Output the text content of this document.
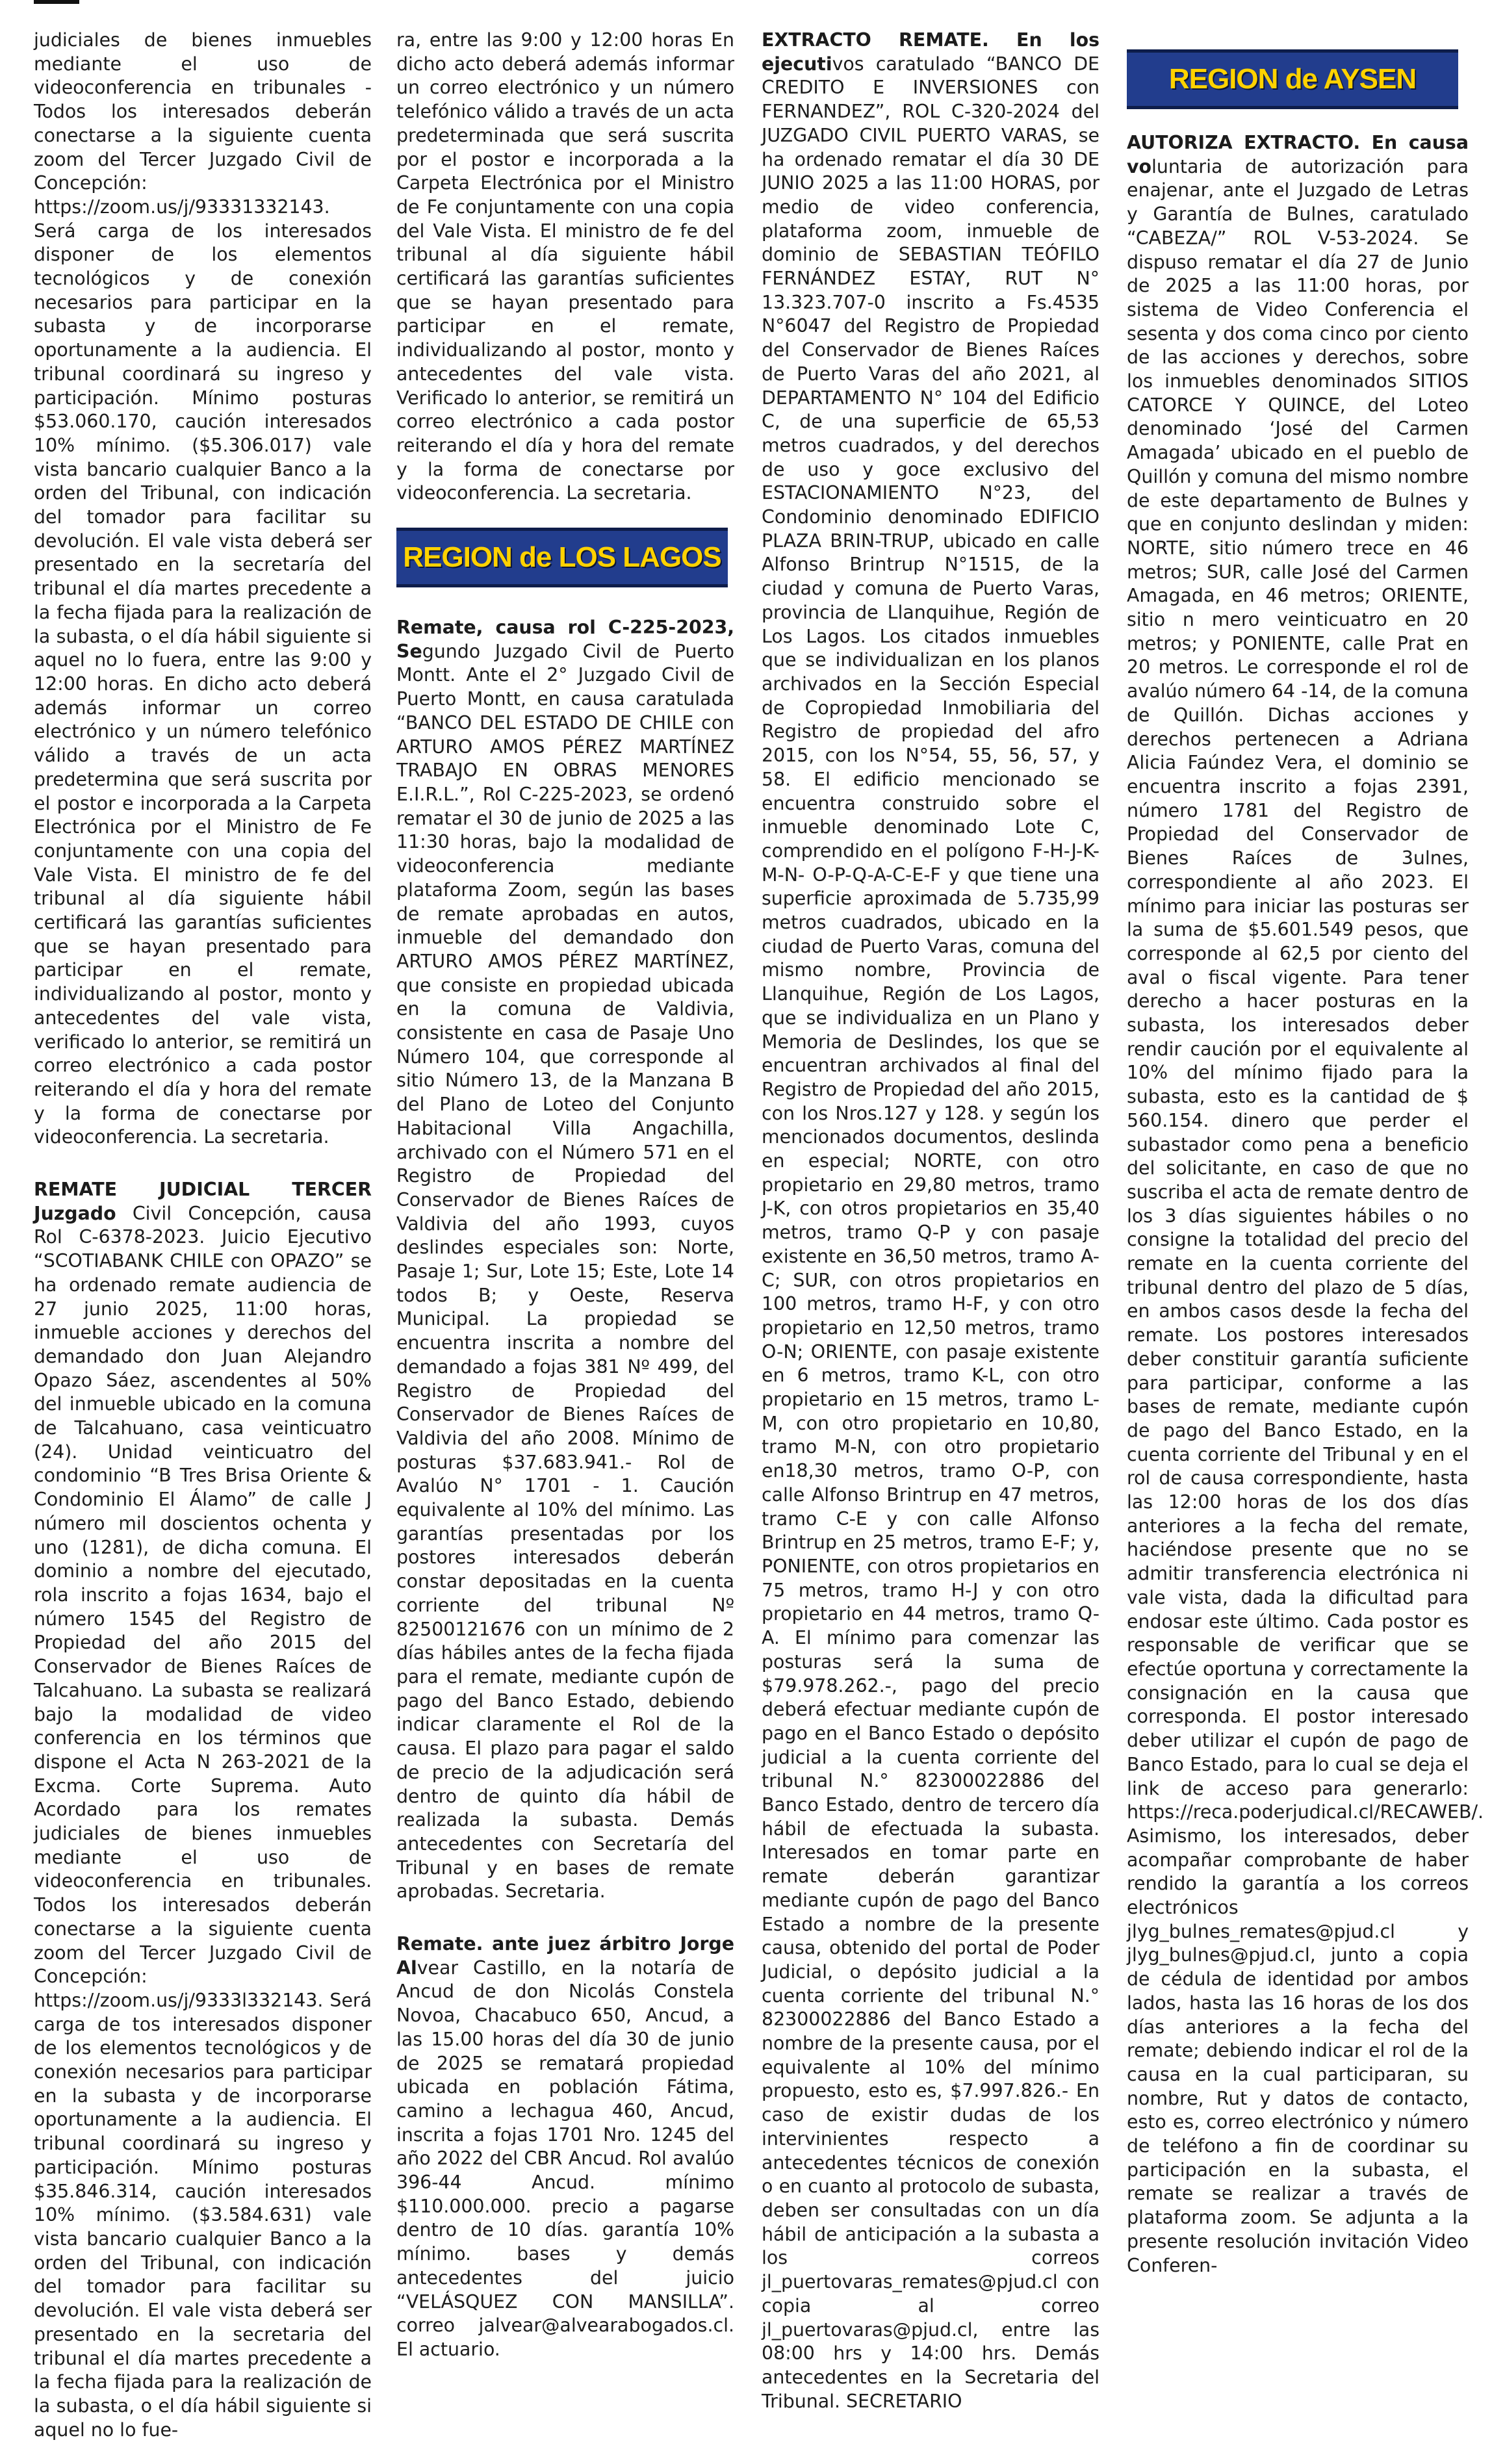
judiciales de bienes inmuebles mediante el uso de videoconferencia en tribunales - Todos los interesados deberán conectarse a la siguiente cuenta zoom del Tercer Juzgado Civil de Concepción: https://zoom.us/j/93331332143. Será carga de los interesados disponer de los elementos tecnológicos y de conexión necesarios para participar en la subasta y de incorporarse oportunamente a la audiencia. El tribunal coordinará su ingreso y participación. Mínimo posturas $53.060.170, caución interesados 10% mínimo. ($5.306.017) vale vista bancario cualquier Banco a la orden del Tribunal, con indicación del tomador para facilitar su devolución. El vale vista deberá ser presentado en la secretaría del tribunal el día martes precedente a la fecha fijada para la realización de la subasta, o el día hábil siguiente si aquel no lo fuera, entre las 9:00 y 12:00 horas. En dicho acto deberá además informar un correo electrónico y un número telefónico válido a través de un acta predetermina que será suscrita por el postor e incorporada a la Carpeta Electrónica por el Ministro de Fe conjuntamente con una copia del Vale Vista. El ministro de fe del tribunal al día siguiente hábil certificará las garantías suficientes que se hayan presentado para participar en el remate, individualizando al postor, monto y antecedentes del vale vista, verificado lo anterior, se remitirá un correo electrónico a cada postor reiterando el día y hora del remate y la forma de conectarse por videoconferencia. La secretaria.

REMATE JUDICIAL TERCER Juzgado Civil Concepción, causa Rol C-6378-2023. Juicio Ejecutivo “SCOTIABANK CHILE con OPAZO” se ha ordenado remate audiencia de 27 junio 2025, 11:00 horas, inmueble acciones y derechos del demandado don Juan Alejandro Opazo Sáez, ascendentes al 50% del inmueble ubicado en la comuna de Talcahuano, casa veinticuatro (24). Unidad veinticuatro del condominio “B Tres Brisa Oriente & Condominio El Álamo” de calle J número mil doscientos ochenta y uno (1281), de dicha comuna. El dominio a nombre del ejecutado, rola inscrito a fojas 1634, bajo el número 1545 del Registro de Propiedad del año 2015 del Conservador de Bienes Raíces de Talcahuano. La subasta se realizará bajo la modalidad de video conferencia en los términos que dispone el Acta N 263-2021 de la Excma. Corte Suprema. Auto Acordado para los remates judiciales de bienes inmuebles mediante el uso de videoconferencia en tribunales. Todos los interesados deberán conectarse a la siguiente cuenta zoom del Tercer Juzgado Civil de Concepción: https://zoom.us/j/9333l332143. Será carga de tos interesados disponer de los elementos tecnológicos y de conexión necesarios para participar en la subasta y de incorporarse oportunamente a la audiencia. El tribunal coordinará su ingreso y participación. Mínimo posturas $35.846.314, caución interesados 10% mínimo. ($3.584.631) vale vista bancario cualquier Banco a la orden del Tribunal, con indicación del tomador para facilitar su devolución. El vale vista deberá ser presentado en la secretaria del tribunal el día martes precedente a la fecha fijada para la realización de la subasta, o el día hábil siguiente si aquel no lo fue-

ra, entre las 9:00 y 12:00 horas En dicho acto deberá además informar un correo electrónico y un número telefónico válido a través de un acta predeterminada que será suscrita por el postor e incorporada a la Carpeta Electrónica por el Ministro de Fe conjuntamente con una copia del Vale Vista. El ministro de fe del tribunal al día siguiente hábil certificará las garantías suficientes que se hayan presentado para participar en el remate, individualizando al postor, monto y antecedentes del vale vista. Verificado lo anterior, se remitirá un correo electrónico a cada postor reiterando el día y hora del remate y la forma de conectarse por videoconferencia. La secretaria.

REGION de LOS LAGOS

Remate, causa rol C-225-2023, Segundo Juzgado Civil de Puerto Montt. Ante el 2° Juzgado Civil de Puerto Montt, en causa caratulada “BANCO DEL ESTADO DE CHILE con ARTURO AMOS PÉREZ MARTÍNEZ TRABAJO EN OBRAS MENORES E.I.R.L.”, Rol C-225-2023, se ordenó rematar el 30 de junio de 2025 a las 11:30 horas, bajo la modalidad de videoconferencia mediante plataforma Zoom, según las bases de remate aprobadas en autos, inmueble del demandado don ARTURO AMOS PÉREZ MARTÍNEZ, que consiste en propiedad ubicada en la comuna de Valdivia, consistente en casa de Pasaje Uno Número 104, que corresponde al sitio Número 13, de la Manzana B del Plano de Loteo del Conjunto Habitacional Villa Angachilla, archivado con el Número 571 en el Registro de Propiedad del Conservador de Bienes Raíces de Valdivia del año 1993, cuyos deslindes especiales son: Norte, Pasaje 1; Sur, Lote 15; Este, Lote 14 todos B; y Oeste, Reserva Municipal. La propiedad se encuentra inscrita a nombre del demandado a fojas 381 Nº 499, del Registro de Propiedad del Conservador de Bienes Raíces de Valdivia del año 2008. Mínimo de posturas $37.683.941.- Rol de Avalúo N° 1701 - 1. Caución equivalente al 10% del mínimo. Las garantías presentadas por los postores interesados deberán constar depositadas en la cuenta corriente del tribunal Nº 82500121676 con un mínimo de 2 días hábiles antes de la fecha fijada para el remate, mediante cupón de pago del Banco Estado, debiendo indicar claramente el Rol de la causa. El plazo para pagar el saldo de precio de la adjudicación será dentro de quinto día hábil de realizada la subasta. Demás antecedentes con Secretaría del Tribunal y en bases de remate aprobadas. Secretaria.

Remate. ante juez árbitro Jorge Alvear Castillo, en la notaría de Ancud de don Nicolás Constela Novoa, Chacabuco 650, Ancud, a las 15.00 horas del día 30 de junio de 2025 se rematará propiedad ubicada en población Fátima, camino a lechagua 460, Ancud, inscrita a fojas 1701 Nro. 1245 del año 2022 del CBR Ancud. Rol avalúo 396-44 Ancud. mínimo $110.000.000. precio a pagarse dentro de 10 días. garantía 10% mínimo. bases y demás antecedentes del juicio “VELÁSQUEZ CON MANSILLA”. correo jalvear@alvearabogados.cl. El actuario.

EXTRACTO REMATE. En los ejecutivos caratulado “BANCO DE CREDITO E INVERSIONES con FERNANDEZ”, ROL C-320-2024 del JUZGADO CIVIL PUERTO VARAS, se ha ordenado rematar el día 30 DE JUNIO 2025 a las 11:00 HORAS, por medio de video conferencia, plataforma zoom, inmueble de dominio de SEBASTIAN TEÓFILO FERNÁNDEZ ESTAY, RUT N° 13.323.707-0 inscrito a Fs.4535 N°6047 del Registro de Propiedad del Conservador de Bienes Raíces de Puerto Varas del año 2021, al DEPARTAMENTO N° 104 del Edificio C, de una superficie de 65,53 metros cuadrados, y del derechos de uso y goce exclusivo del ESTACIONAMIENTO N°23, del Condominio denominado EDIFICIO PLAZA BRIN-TRUP, ubicado en calle Alfonso Brintrup N°1515, de la ciudad y comuna de Puerto Varas, provincia de Llanquihue, Región de Los Lagos. Los citados inmuebles que se individualizan en los planos archivados en la Sección Especial de Copropiedad Inmobiliaria del Registro de propiedad del afro 2015, con los N°54, 55, 56, 57, y 58. El edificio mencionado se encuentra construido sobre el inmueble denominado Lote C, comprendido en el polígono F-H-J-K-M-N- O-P-Q-A-C-E-F y que tiene una superficie aproximada de 5.735,99 metros cuadrados, ubicado en la ciudad de Puerto Varas, comuna del mismo nombre, Provincia de Llanquihue, Región de Los Lagos, que se individualiza en un Plano y Memoria de Deslindes, los que se encuentran archivados al final del Registro de Propiedad del año 2015, con los Nros.127 y 128. y según los mencionados documentos, deslinda en especial; NORTE, con otro propietario en 29,80 metros, tramo J-K, con otros propietarios en 35,40 metros, tramo Q-P y con pasaje existente en 36,50 metros, tramo A-C; SUR, con otros propietarios en 100 metros, tramo H-F, y con otro propietario en 12,50 metros, tramo O-N; ORIENTE, con pasaje existente en 6 metros, tramo K-L, con otro propietario en 15 metros, tramo L-M, con otro propietario en 10,80, tramo M-N, con otro propietario en18,30 metros, tramo O-P, con calle Alfonso Brintrup en 47 metros, tramo C-E y con calle Alfonso Brintrup en 25 metros, tramo E-F; y, PONIENTE, con otros propietarios en 75 metros, tramo H-J y con otro propietario en 44 metros, tramo Q-A. El mínimo para comenzar las posturas será la suma de $79.978.262.-, pago del precio deberá efectuar mediante cupón de pago en el Banco Estado o depósito judicial a la cuenta corriente del tribunal N.° 82300022886 del Banco Estado, dentro de tercero día hábil de efectuada la subasta. Interesados en tomar parte en remate deberán garantizar mediante cupón de pago del Banco Estado a nombre de la presente causa, obtenido del portal de Poder Judicial, o depósito judicial a la cuenta corriente del tribunal N.° 82300022886 del Banco Estado a nombre de la presente causa, por el equivalente al 10% del mínimo propuesto, esto es, $7.997.826.- En caso de existir dudas de los intervinientes respecto a antecedentes técnicos de conexión o en cuanto al protocolo de subasta, deben ser consultadas con un día hábil de anticipación a la subasta a los correos jl_puertovaras_remates@pjud.cl con copia al correo jl_puertovaras@pjud.cl, entre las 08:00 hrs y 14:00 hrs. Demás antecedentes en la Secretaria del Tribunal. SECRETARIO

REGION de AYSEN

AUTORIZA EXTRACTO. En causa voluntaria de autorización para enajenar, ante el Juzgado de Letras y Garantía de Bulnes, caratulado “CABEZA/” ROL V-53-2024. Se dispuso rematar el día 27 de Junio de 2025 a las 11:00 horas, por sistema de Video Conferencia el sesenta y dos coma cinco por ciento de las acciones y derechos, sobre los inmuebles denominados SITIOS CATORCE Y QUINCE, del Loteo denominado ‘José del Carmen Amagada’ ubicado en el pueblo de Quillón y comuna del mismo nombre de este departamento de Bulnes y que en conjunto deslindan y miden: NORTE, sitio número trece en 46 metros; SUR, calle José del Carmen Amagada, en 46 metros; ORIENTE, sitio n mero veinticuatro en 20 metros; y PONIENTE, calle Prat en 20 metros. Le corresponde el rol de avalúo número 64 -14, de la comuna de Quillón. Dichas acciones y derechos pertenecen a Adriana Alicia Faúndez Vera, el dominio se encuentra inscrito a fojas 2391, número 1781 del Registro de Propiedad del Conservador de Bienes Raíces de 3ulnes, correspondiente al año 2023. El mínimo para iniciar las posturas ser la suma de $5.601.549 pesos, que corresponde al 62,5 por ciento del aval o fiscal vigente. Para tener derecho a hacer posturas en la subasta, los interesados deber rendir caución por el equivalente al 10% del mínimo fijado para la subasta, esto es la cantidad de $ 560.154. dinero que perder el subastador como pena a beneficio del solicitante, en caso de que no suscriba el acta de remate dentro de los 3 días siguientes hábiles o no consigne la totalidad del precio del remate en la cuenta corriente del tribunal dentro del plazo de 5 días, en ambos casos desde la fecha del remate. Los postores interesados deber constituir garantía suficiente para participar, conforme a las bases de remate, mediante cupón de pago del Banco Estado, en la cuenta corriente del Tribunal y en el rol de causa correspondiente, hasta las 12:00 horas de los dos días anteriores a la fecha del remate, haciéndose presente que no se admitir transferencia electrónica ni vale vista, dada la dificultad para endosar este último. Cada postor es responsable de verificar que se efectúe oportuna y correctamente la consignación en la causa que corresponda. El postor interesado deber utilizar el cupón de pago de Banco Estado, para lo cual se deja el link de acceso para generarlo: https://reca.poderjudical.cl/RECAWEB/. Asimismo, los interesados, deber acompañar comprobante de haber rendido la garantía a los correos electrónicos jlyg_bulnes_remates@pjud.cl y jlyg_bulnes@pjud.cl, junto a copia de cédula de identidad por ambos lados, hasta las 16 horas de los dos días anteriores a la fecha del remate; debiendo indicar el rol de la causa en la cual participaran, su nombre, Rut y datos de contacto, esto es, correo electrónico y número de teléfono a fin de coordinar su participación en la subasta, el remate se realizar a través de plataforma zoom. Se adjunta a la presente resolución invitación Video Conferen-
